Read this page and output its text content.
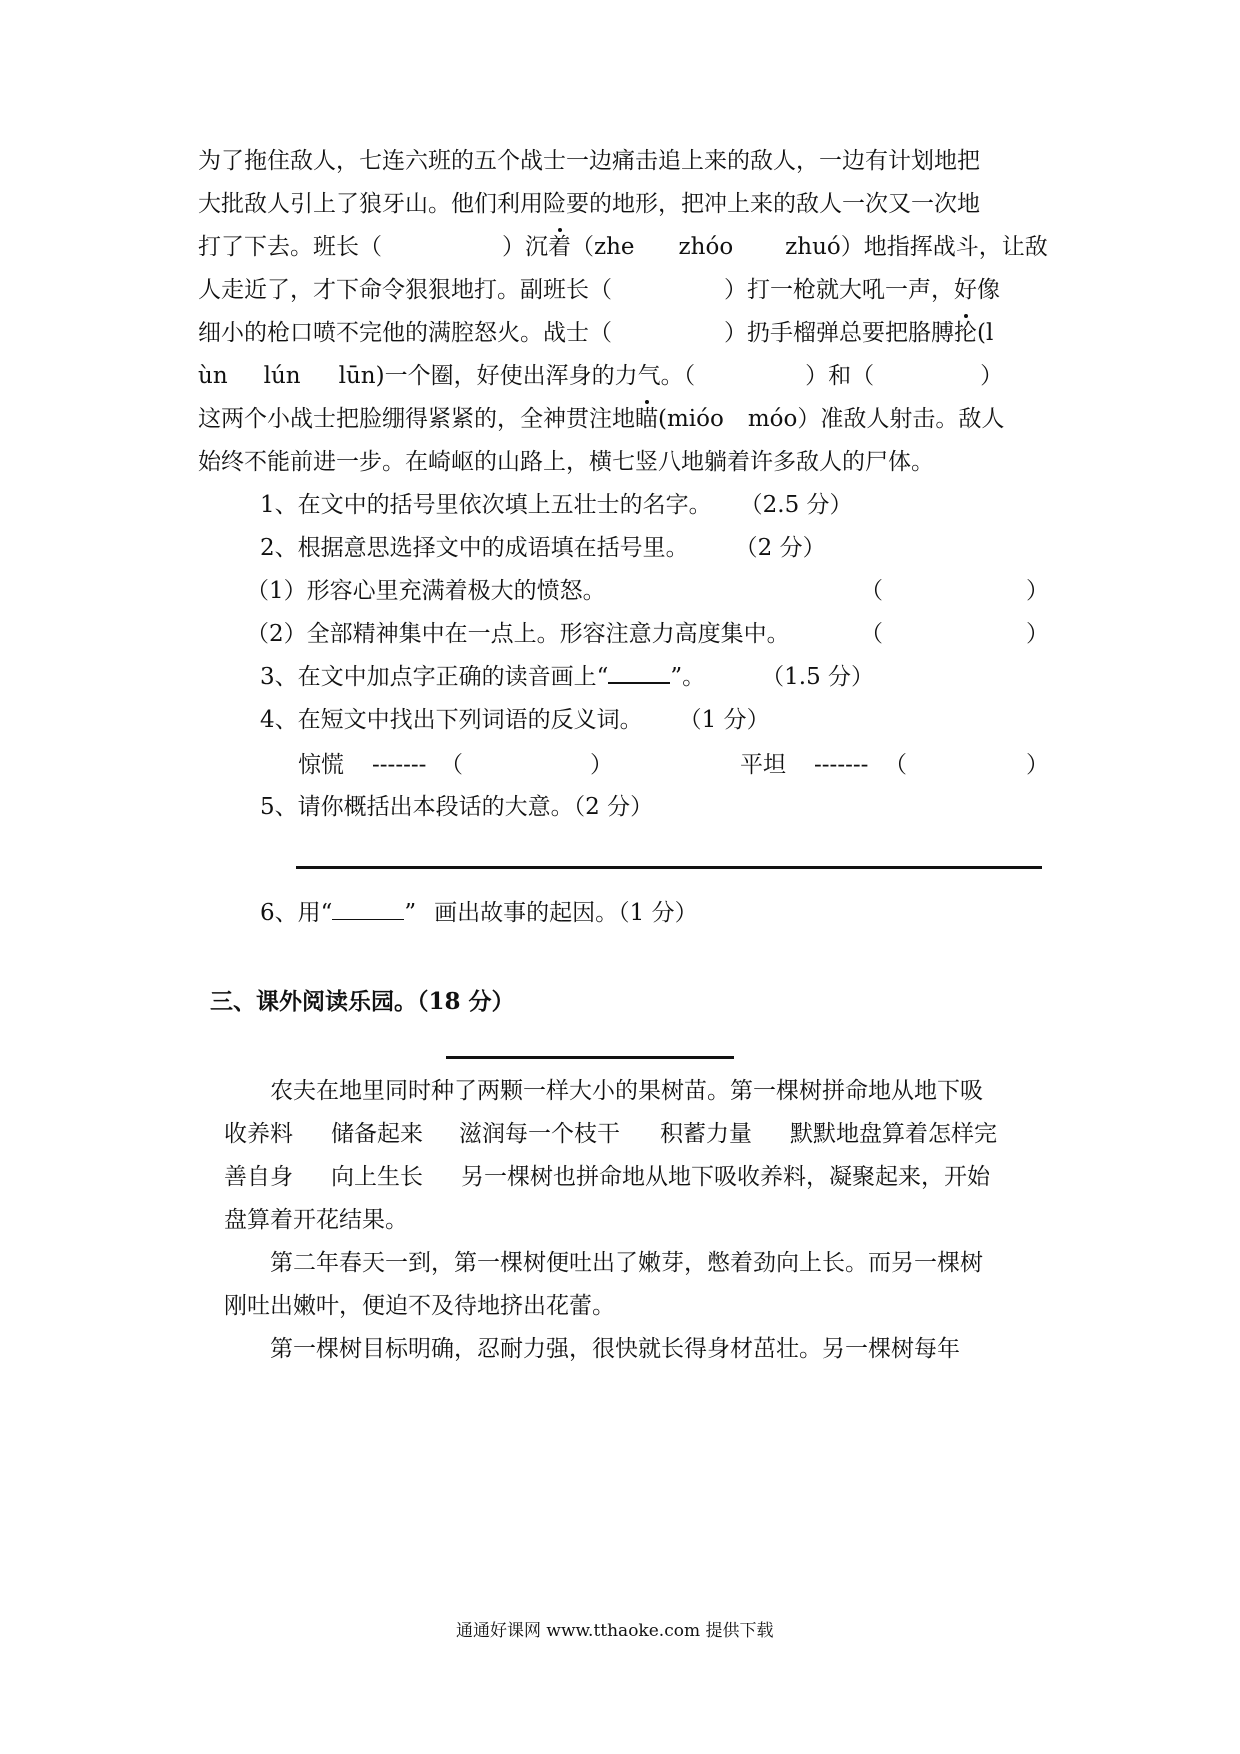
为了拖住敌人，七连六班的五个战士一边痛击追上来的敌人，一边有计划地把
大批敌人引上了狼牙山。他们利用险要的地形，把冲上来的敌人一次又一次地
打了下去。班长（	）沉着（zhe zhóo zhuó）地指挥战斗，让敌
人走近了，才下命令狠狠地打。副班长（	）打一枪就大吼一声，好像
细小的枪口喷不完他的满腔怒火。战士（	）扔手榴弹总要把胳膊抡(l
ùn lún lūn)一个圈，好使出浑身的力气。（	）和（	）
这两个小战士把脸绷得紧紧的，全神贯注地瞄(mióo móo）准敌人射击。敌人
始终不能前进一步。在崎岖的山路上，横七竖八地躺着许多敌人的尸体。
1、在文中的括号里依次填上五壮士的名字。 （2.5 分）
2、根据意思选择文中的成语填在括号里。 （2 分）
（1）形容心里充满着极大的愤怒。	（	）
（2）全部精神集中在一点上。形容注意力高度集中。	（	）
3、在文中加点字正确的读音画上“	”。 （1.5 分）
4、在短文中找出下列词语的反义词。 （1 分）
惊慌 ------- （	）	平坦 ------- （	）
5、请你概括出本段话的大意。（2 分）
6、用“	” 画出故事的起因。（1 分）
三、课外阅读乐园。（18 分）
农夫在地里同时种了两颗一样大小的果树苗。第一棵树拼命地从地下吸
收养料 储备起来 滋润每一个枝干 积蓄力量 默默地盘算着怎样完
善自身 向上生长 另一棵树也拼命地从地下吸收养料，凝聚起来，开始
盘算着开花结果。
第二年春天一到，第一棵树便吐出了嫩芽，憋着劲向上长。而另一棵树
刚吐出嫩叶，便迫不及待地挤出花蕾。
第一棵树目标明确，忍耐力强，很快就长得身材茁壮。另一棵树每年
通通好课网 www.tthaoke.com 提供下载
